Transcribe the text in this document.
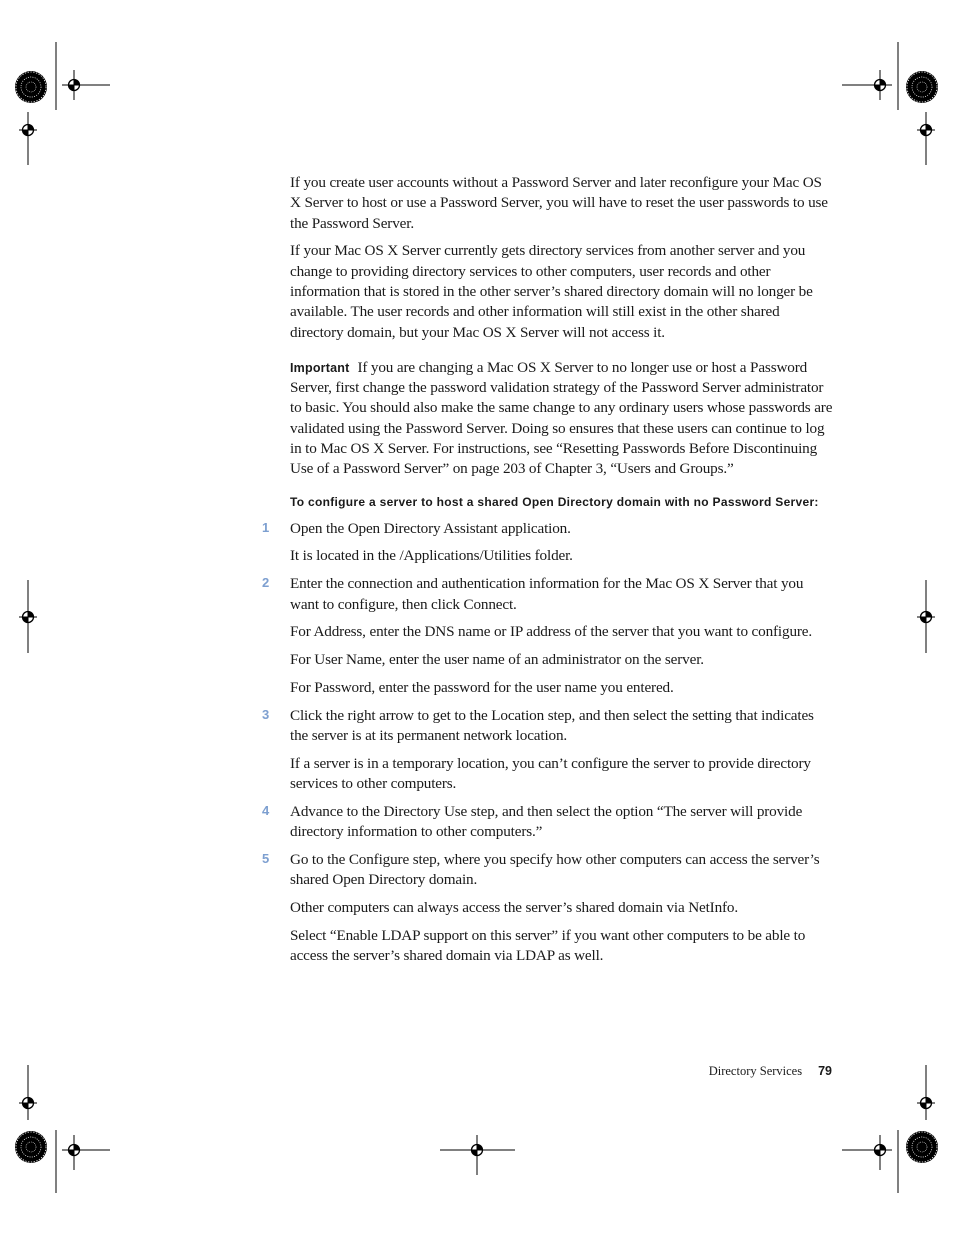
If you create user accounts without a Password Server and later reconfigure your Mac OS X Server to host or use a Password Server, you will have to reset the user passwords to use the Password Server.

If your Mac OS X Server currently gets directory services from another server and you change to providing directory services to other computers, user records and other information that is stored in the other server’s shared directory domain will no longer be available. The user records and other information will still exist in the other shared directory domain, but your Mac OS X Server will not access it.

Important If you are changing a Mac OS X Server to no longer use or host a Password Server, first change the password validation strategy of the Password Server administrator to basic. You should also make the same change to any ordinary users whose passwords are validated using the Password Server. Doing so ensures that these users can continue to log in to Mac OS X Server. For instructions, see “Resetting Passwords Before Discontinuing Use of a Password Server” on page 203 of Chapter 3, “Users and Groups.”

To configure a server to host a shared Open Directory domain with no Password Server:
1	Open the Open Directory Assistant application.

It is located in the /Applications/Utilities folder.

2	Enter the connection and authentication information for the Mac OS X Server that you want to configure, then click Connect.

For Address, enter the DNS name or IP address of the server that you want to configure.

For User Name, enter the user name of an administrator on the server.

For Password, enter the password for the user name you entered.

3	Click the right arrow to get to the Location step, and then select the setting that indicates the server is at its permanent network location.

If a server is in a temporary location, you can’t configure the server to provide directory services to other computers.

4	Advance to the Directory Use step, and then select the option “The server will provide directory information to other computers.”

5	Go to the Configure step, where you specify how other computers can access the server’s shared Open Directory domain.

Other computers can always access the server’s shared domain via NetInfo.

Select “Enable LDAP support on this server” if you want other computers to be able to access the server’s shared domain via LDAP as well.

Directory Services 79
